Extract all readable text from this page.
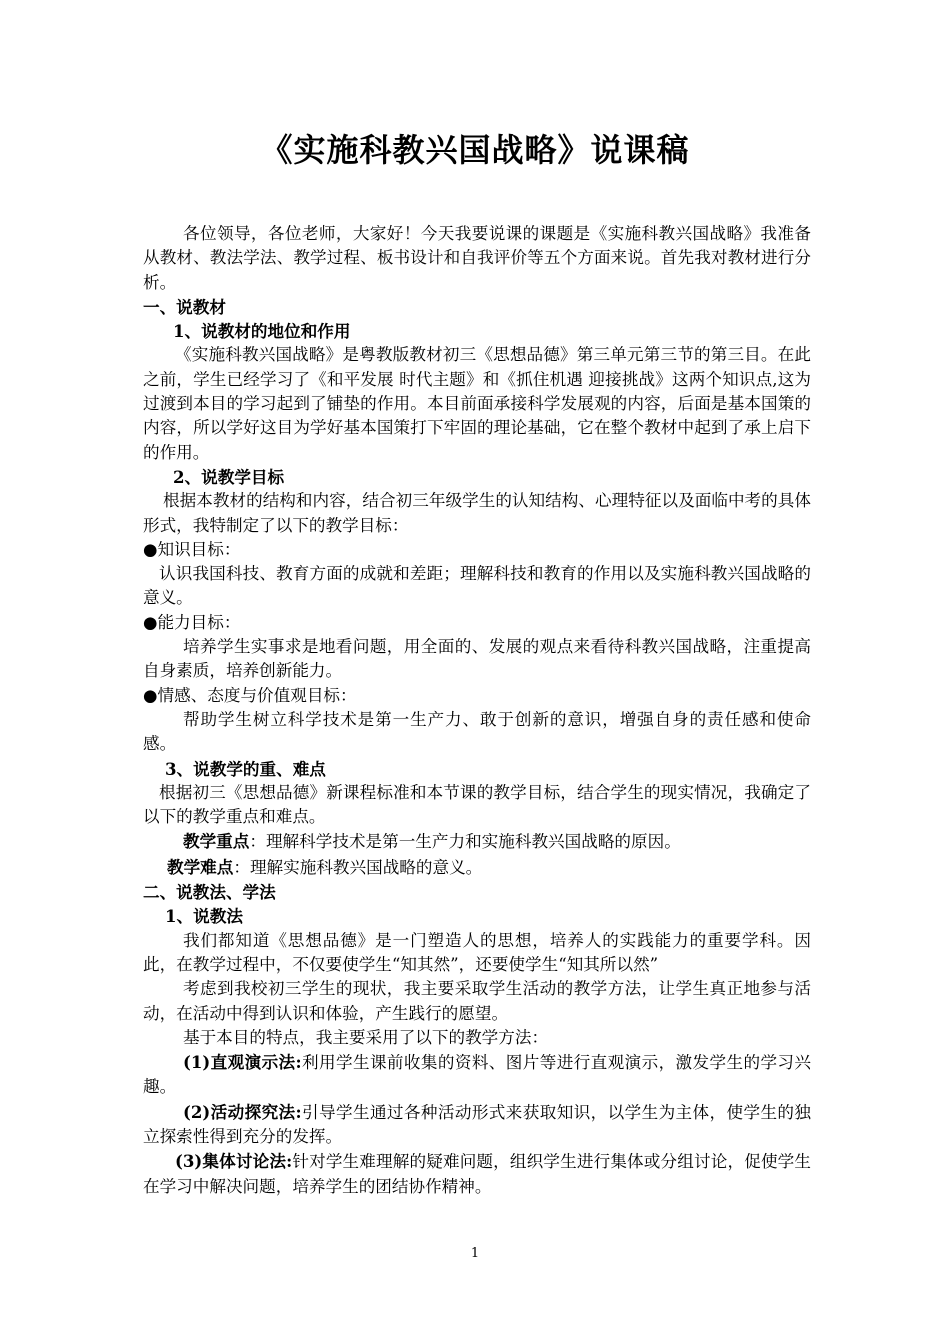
《实施科教兴国战略》说课稿

各位领导，各位老师，大家好！今天我要说课的课题是《实施科教兴国战略》我准备从教材、教法学法、教学过程、板书设计和自我评价等五个方面来说。首先我对教材进行分析。

一、说教材

1、说教材的地位和作用

《实施科教兴国战略》是粤教版教材初三《思想品德》第三单元第三节的第三目。在此之前，学生已经学习了《和平发展 时代主题》和《抓住机遇 迎接挑战》这两个知识点,这为过渡到本目的学习起到了铺垫的作用。本目前面承接科学发展观的内容，后面是基本国策的内容，所以学好这目为学好基本国策打下牢固的理论基础，它在整个教材中起到了承上启下的作用。

2、说教学目标

根据本教材的结构和内容，结合初三年级学生的认知结构、心理特征以及面临中考的具体形式，我特制定了以下的教学目标：

●知识目标：

认识我国科技、教育方面的成就和差距；理解科技和教育的作用以及实施科教兴国战略的意义。

●能力目标：

培养学生实事求是地看问题，用全面的、发展的观点来看待科教兴国战略，注重提高自身素质，培养创新能力。

●情感、态度与价值观目标：

帮助学生树立科学技术是第一生产力、敢于创新的意识，增强自身的责任感和使命感。

3、说教学的重、难点

根据初三《思想品德》新课程标准和本节课的教学目标，结合学生的现实情况，我确定了以下的教学重点和难点。

教学重点：理解科学技术是第一生产力和实施科教兴国战略的原因。

教学难点：理解实施科教兴国战略的意义。

二、说教法、学法

1、说教法

我们都知道《思想品德》是一门塑造人的思想，培养人的实践能力的重要学科。因此，在教学过程中，不仅要使学生“知其然”，还要使学生“知其所以然”

考虑到我校初三学生的现状，我主要采取学生活动的教学方法，让学生真正地参与活动，在活动中得到认识和体验，产生践行的愿望。

基于本目的特点，我主要采用了以下的教学方法：

(1)直观演示法:利用学生课前收集的资料、图片等进行直观演示，激发学生的学习兴趣。

(2)活动探究法:引导学生通过各种活动形式来获取知识，以学生为主体，使学生的独立探索性得到充分的发挥。

(3)集体讨论法:针对学生难理解的疑难问题，组织学生进行集体或分组讨论，促使学生在学习中解决问题，培养学生的团结协作精神。

1
